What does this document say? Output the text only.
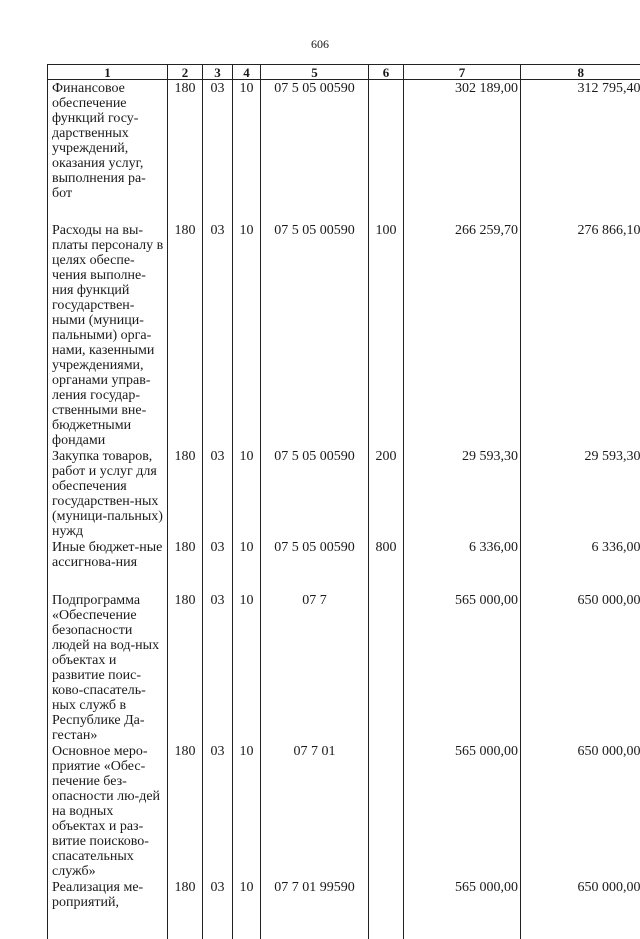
606
1	2	3	4	5	6	7	8

Финансовое обеспечение функций госу-дарственных учреждений, оказания услуг, выполнения ра-бот	180	03	10	07 5 05 00590		302 189,00	312 795,40

Расходы на вы-платы персоналу в целях обеспе-чения выполне-ния функций государствен-ными (муници-пальными) орга-нами, казенными учреждениями, органами управ-ления государ-ственными вне-бюджетными фондами	180	03	10	07 5 05 00590	100	266 259,70	276 866,10

Закупка товаров, работ и услуг для обеспечения государствен-ных (муници-пальных) нужд	180	03	10	07 5 05 00590	200	29 593,30	29 593,30

Иные бюджет-ные ассигнова-ния	180	03	10	07 5 05 00590	800	6 336,00	6 336,00

Подпрограмма «Обеспечение безопасности людей на вод-ных объектах и развитие поис-ково-спасатель-ных служб в Республике Да-гестан»	180	03	10	07 7		565 000,00	650 000,00

Основное меро-приятие «Обес-печение без-опасности лю-дей на водных объектах и раз-витие поисково-спасательных служб»	180	03	10	07 7 01		565 000,00	650 000,00

Реализация ме-роприятий,	180	03	10	07 7 01 99590		565 000,00	650 000,00
